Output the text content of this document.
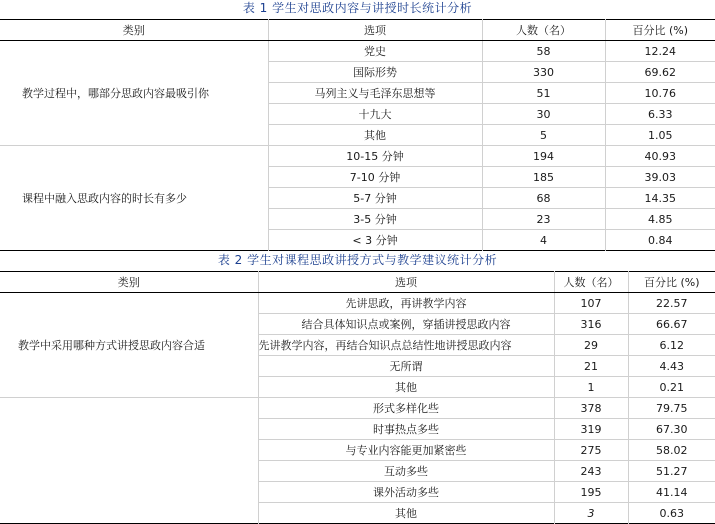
表 1 学生对思政内容与讲授时长统计分析
类别	选项	人数（名）	百分比 (%)
教学过程中，哪部分思政内容最吸引你	党史	58	12.24
	国际形势	330	69.62
	马列主义与毛泽东思想等	51	10.76
	十九大	30	6.33
	其他	5	1.05
课程中融入思政内容的时长有多少	10-15 分钟	194	40.93
	7-10 分钟	185	39.03
	5-7 分钟	68	14.35
	3-5 分钟	23	4.85
	< 3 分钟	4	0.84
表 2 学生对课程思政讲授方式与教学建议统计分析
类别	选项	人数（名）	百分比 (%)
教学中采用哪种方式讲授思政内容合适	先讲思政，再讲教学内容	107	22.57
	结合具体知识点或案例，穿插讲授思政内容	316	66.67
	先讲教学内容，再结合知识点总结性地讲授思政内容	29	6.12
	无所谓	21	4.43
	其他	1	0.21
	形式多样化些	378	79.75
	时事热点多些	319	67.30
	与专业内容能更加紧密些	275	58.02
	互动多些	243	51.27
	课外活动多些	195	41.14
	其他	3	0.63
